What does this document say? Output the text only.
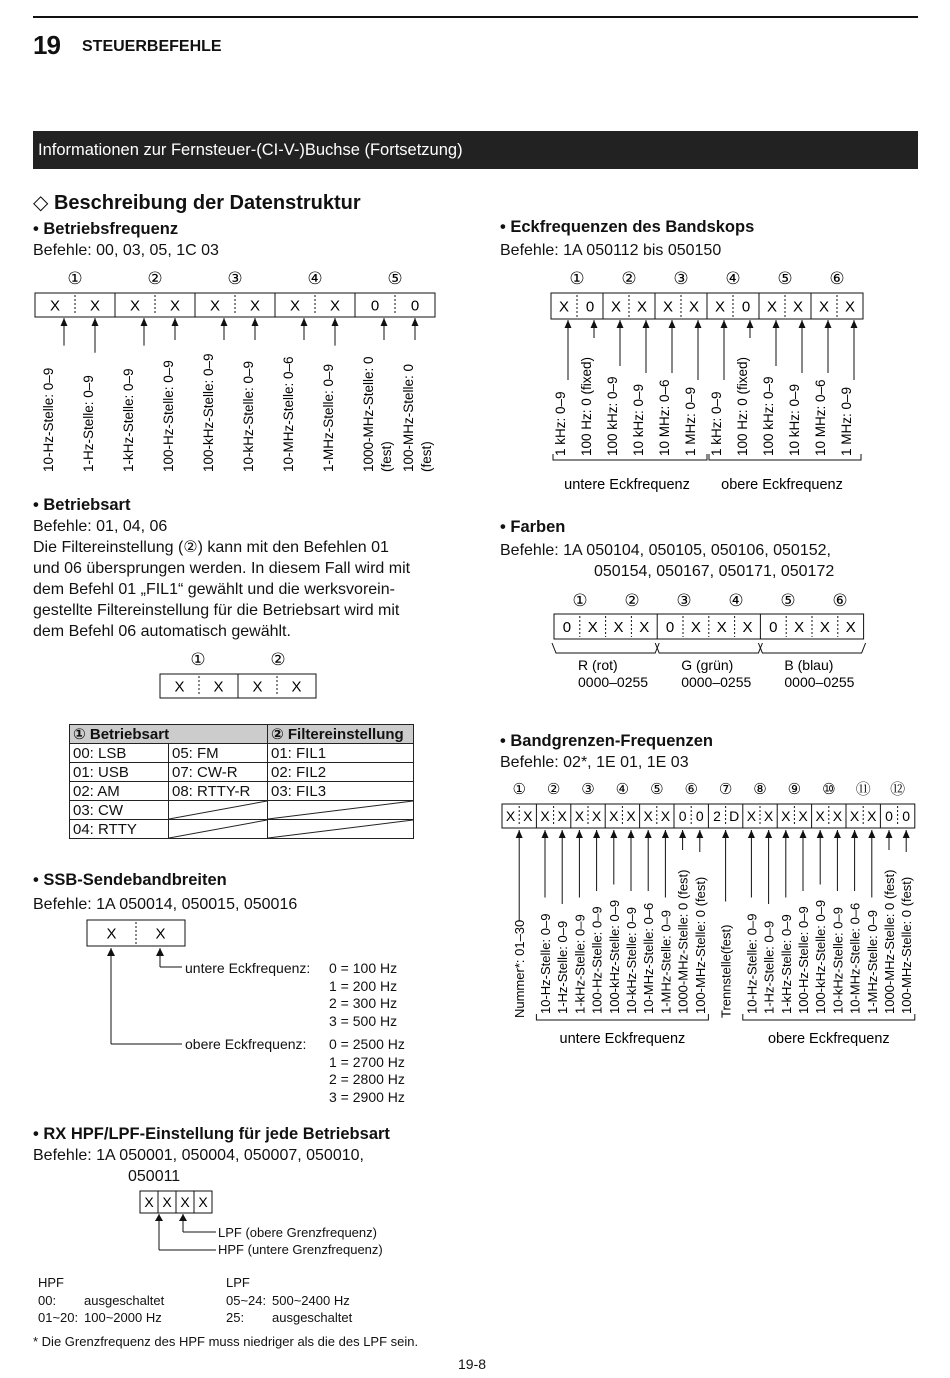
19 STEUERBEFEHLE
Informationen zur Fernsteuer-(CI-V-)Buchse (Fortsetzung)
◇ Beschreibung der Datenstruktur
• Betriebsfrequenz
Befehle: 00, 03, 05, 1C 03
①	②	③	④	⑤
X X X X X X X X 0 0
10-Hz-Stelle: 0–9 1-Hz-Stelle: 0–9 1-kHz-Stelle: 0–9 100-Hz-Stelle: 0–9 100-kHz-Stelle: 0–9 10-kHz-Stelle: 0–9 10-MHz-Stelle: 0–6 1-MHz-Stelle: 0–9 1000-MHz-Stelle: 0 (fest) 100-MHz-Stelle: 0 (fest)
• Betriebsart
Befehle: 01, 04, 06
Die Filtereinstellung (②) kann mit den Befehlen 01
und 06 übersprungen werden. In diesem Fall wird mit
dem Befehl 01 „FIL1“ gewählt und die werksvorein-
gestellte Filtereinstellung für die Betriebsart wird mit
dem Befehl 06 automatisch gewählt.
①	②
X X X X
① Betriebsart		② Filtereinstellung
00: LSB	05: FM	01: FIL1
01: USB	07: CW-R	02: FIL2
02: AM	08: RTTY-R	03: FIL3
03: CW	

04: RTTY	

• SSB-Sendebandbreiten
Befehle: 1A 050014, 050015, 050016
X	X
untere Eckfrequenz: 0 = 100 Hz
1 = 200 Hz
2 = 300 Hz
3 = 500 Hz
obere Eckfrequenz: 0 = 2500 Hz
1 = 2700 Hz
2 = 2800 Hz
3 = 2900 Hz
• RX HPF/LPF-Einstellung für jede Betriebsart
Befehle: 1A 050001, 050004, 050007, 050010,
050011
X X X X
LPF (obere Grenzfrequenz)
HPF (untere Grenzfrequenz)
HPF
00: ausgeschaltet
01~20: 100~2000 Hz
LPF
05~24: 500~2400 Hz
25: ausgeschaltet
* Die Grenzfrequenz des HPF muss niedriger als die des LPF sein.
• Eckfrequenzen des Bandskops
Befehle: 1A 050112 bis 050150
① ② ③ ④ ⑤ ⑥
X 0 X X X X X 0 X X X X
1 kHz: 0–9 100 Hz: 0 (fixed) 100 kHz: 0–9 10 kHz: 0–9 10 MHz: 0–6 1 MHz: 0–9 1 kHz: 0–9 100 Hz: 0 (fixed) 100 kHz: 0–9 10 kHz: 0–9 10 MHz: 0–6 1 MHz: 0–9
untere Eckfrequenz obere Eckfrequenz
• Farben
Befehle: 1A 050104, 050105, 050106, 050152,
050154, 050167, 050171, 050172
① ② ③ ④ ⑤ ⑥
0 X X X 0 X X X 0 X X X
R (rot)
0000–0255
G (grün)
0000–0255
B (blau)
0000–0255
• Bandgrenzen-Frequenzen
Befehle: 02*, 1E 01, 1E 03
① ② ③ ④ ⑤ ⑥ ⑦ ⑧ ⑨ ⑩ ⑪ ⑫
X X X X X X X X X X 0 0 2 D X X X X X X X X 0 0
Nummer*: 01–30 10-Hz-Stelle: 0–9 1-Hz-Stelle: 0–9 1-kHz-Stelle: 0–9 100-Hz-Stelle: 0–9 100-kHz-Stelle: 0–9 10-kHz-Stelle: 0–9 10-MHz-Stelle: 0–6 1-MHz-Stelle: 0–9 1000-MHz-Stelle: 0 (fest) 100-MHz-Stelle: 0 (fest) Trennstelle(fest) 10-Hz-Stelle: 0–9 1-Hz-Stelle: 0–9 1-kHz-Stelle: 0–9 100-Hz-Stelle: 0–9 100-kHz-Stelle: 0–9 10-kHz-Stelle: 0–9 10-MHz-Stelle: 0–6 1-MHz-Stelle: 0–9 1000-MHz-Stelle: 0 (fest) 100-MHz-Stelle: 0 (fest)
untere Eckfrequenz	obere Eckfrequenz
19-8
